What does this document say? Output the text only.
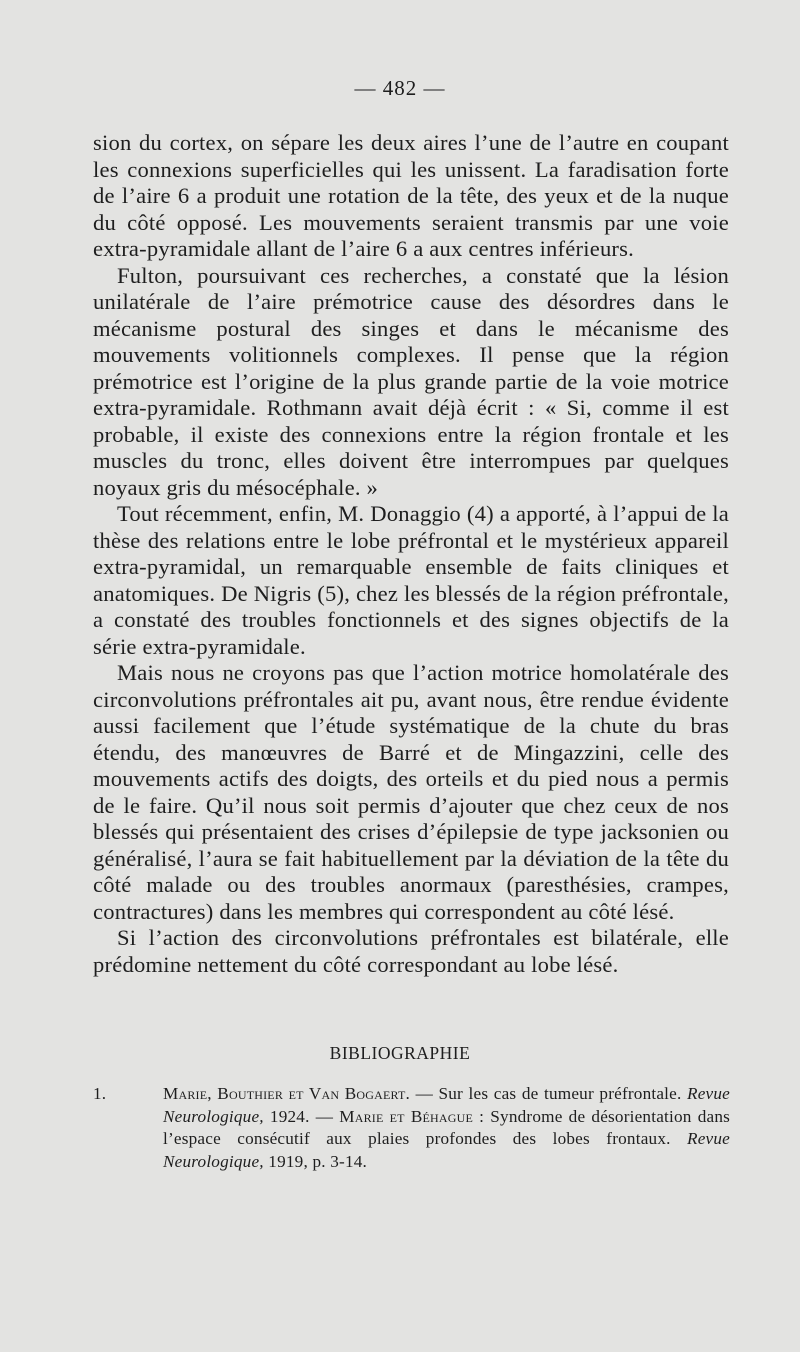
— 482 —

sion du cortex, on sépare les deux aires l’une de l’autre en coupant les connexions superficielles qui les unissent. La faradisation forte de l’aire 6 a produit une rotation de la tête, des yeux et de la nuque du côté opposé. Les mouvements seraient transmis par une voie extra-pyramidale allant de l’aire 6 a aux centres inférieurs.

Fulton, poursuivant ces recherches, a constaté que la lésion unilatérale de l’aire prémotrice cause des désordres dans le mécanisme postural des singes et dans le mécanisme des mouvements volitionnels complexes. Il pense que la région prémotrice est l’origine de la plus grande partie de la voie motrice extra-pyramidale. Rothmann avait déjà écrit : « Si, comme il est probable, il existe des connexions entre la région frontale et les muscles du tronc, elles doivent être interrompues par quelques noyaux gris du mésocéphale. »

Tout récemment, enfin, M. Donaggio (4) a apporté, à l’appui de la thèse des relations entre le lobe préfrontal et le mystérieux appareil extra-pyramidal, un remarquable ensemble de faits cliniques et anatomiques. De Nigris (5), chez les blessés de la région préfrontale, a constaté des troubles fonctionnels et des signes objectifs de la série extra-pyramidale.

Mais nous ne croyons pas que l’action motrice homolatérale des circonvolutions préfrontales ait pu, avant nous, être rendue évidente aussi facilement que l’étude systématique de la chute du bras étendu, des manœuvres de Barré et de Mingazzini, celle des mouvements actifs des doigts, des orteils et du pied nous a permis de le faire. Qu’il nous soit permis d’ajouter que chez ceux de nos blessés qui présentaient des crises d’épilepsie de type jacksonien ou généralisé, l’aura se fait habituellement par la déviation de la tête du côté malade ou des troubles anormaux (paresthésies, crampes, contractures) dans les membres qui correspondent au côté lésé.

Si l’action des circonvolutions préfrontales est bilatérale, elle prédomine nettement du côté correspondant au lobe lésé.

BIBLIOGRAPHIE

1.	Marie, Bouthier et Van Bogaert. — Sur les cas de tumeur préfrontale. Revue Neurologique, 1924. — Marie et Béhague : Syndrome de désorientation dans l’espace consécutif aux plaies profondes des lobes frontaux. Revue Neurologique, 1919, p. 3-14.
